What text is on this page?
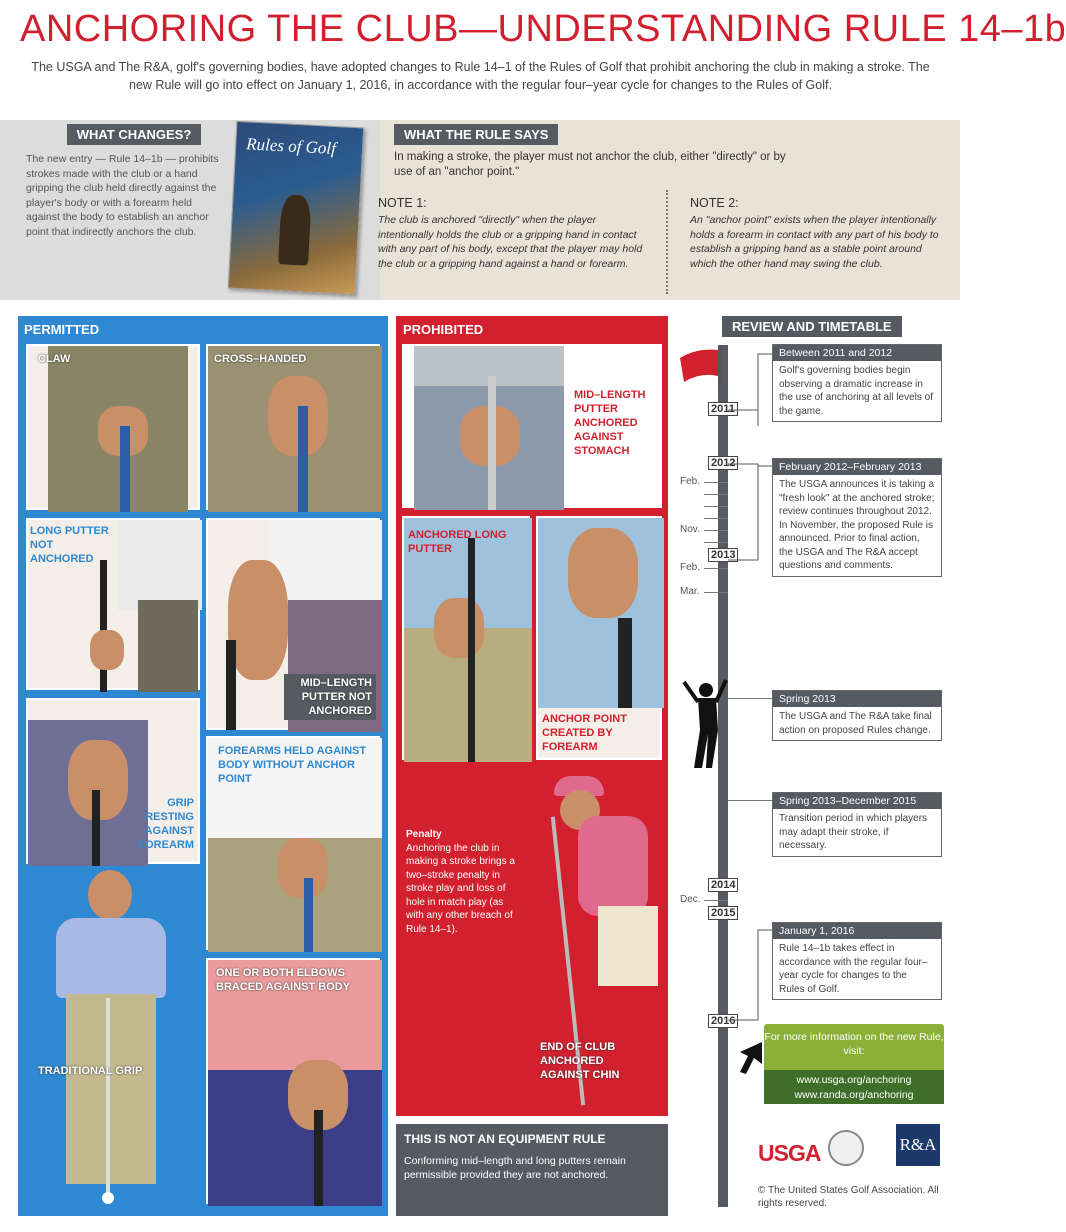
ANCHORING THE CLUB—UNDERSTANDING RULE 14–1b
The USGA and The R&A, golf's governing bodies, have adopted changes to Rule 14–1 of the Rules of Golf that prohibit anchoring the club in making a stroke. The new Rule will go into effect on January 1, 2016, in accordance with the regular four–year cycle for changes to the Rules of Golf.
WHAT CHANGES?
The new entry — Rule 14–1b — prohibits strokes made with the club or a hand gripping the club held directly against the player's body or with a forearm held against the body to establish an anchor point that indirectly anchors the club.
Rules of Golf	WHAT THE RULE SAYS
In making a stroke, the player must not anchor the club, either "directly" or by use of an "anchor point."
NOTE 1:
The club is anchored "directly" when the player intentionally holds the club or a gripping hand in contact with any part of his body, except that the player may hold the club or a gripping hand against a hand or forearm.
NOTE 2:
An "anchor point" exists when the player intentionally holds a forearm in contact with any part of his body to establish a gripping hand as a stable point around which the other hand may swing the club.
PERMITTED
CLAW	CROSS–HANDED
LONG PUTTER NOT ANCHORED
MID–LENGTH PUTTER NOT ANCHORED
GRIP RESTING AGAINST FOREARM
FOREARMS HELD AGAINST BODY WITHOUT ANCHOR POINT
TRADITIONAL GRIP
ONE OR BOTH ELBOWS BRACED AGAINST BODY
PROHIBITED
MID–LENGTH PUTTER ANCHORED AGAINST STOMACH
ANCHORED LONG PUTTER
ANCHOR POINT CREATED BY FOREARM
END OF CLUB ANCHORED AGAINST CHIN
Penalty
Anchoring the club in making a stroke brings a two–stroke penalty in stroke play and loss of hole in match play (as with any other breach of Rule 14–1).
THIS IS NOT AN EQUIPMENT RULE
Conforming mid–length and long putters remain permissible provided they are not anchored.
REVIEW AND TIMETABLE
2011
2012
2013
2014
2015
2016
Feb.
Nov.
Feb.
Mar.
Dec.
Between 2011 and 2012
Golf's governing bodies begin observing a dramatic increase in the use of anchoring at all levels of the game.
February 2012–February 2013
The USGA announces it is taking a "fresh look" at the anchored stroke; review continues throughout 2012. In November, the proposed Rule is announced. Prior to final action, the USGA and The R&A accept questions and comments.
Spring 2013
The USGA and The R&A take final action on proposed Rules change.
Spring 2013–December 2015
Transition period in which players may adapt their stroke, if necessary.
January 1, 2016
Rule 14–1b takes effect in accordance with the regular four–year cycle for changes to the Rules of Golf.
For more information on the new Rule, visit:
www.usga.org/anchoring
www.randa.org/anchoring
USGA	R&A
© The United States Golf Association. All rights reserved.
